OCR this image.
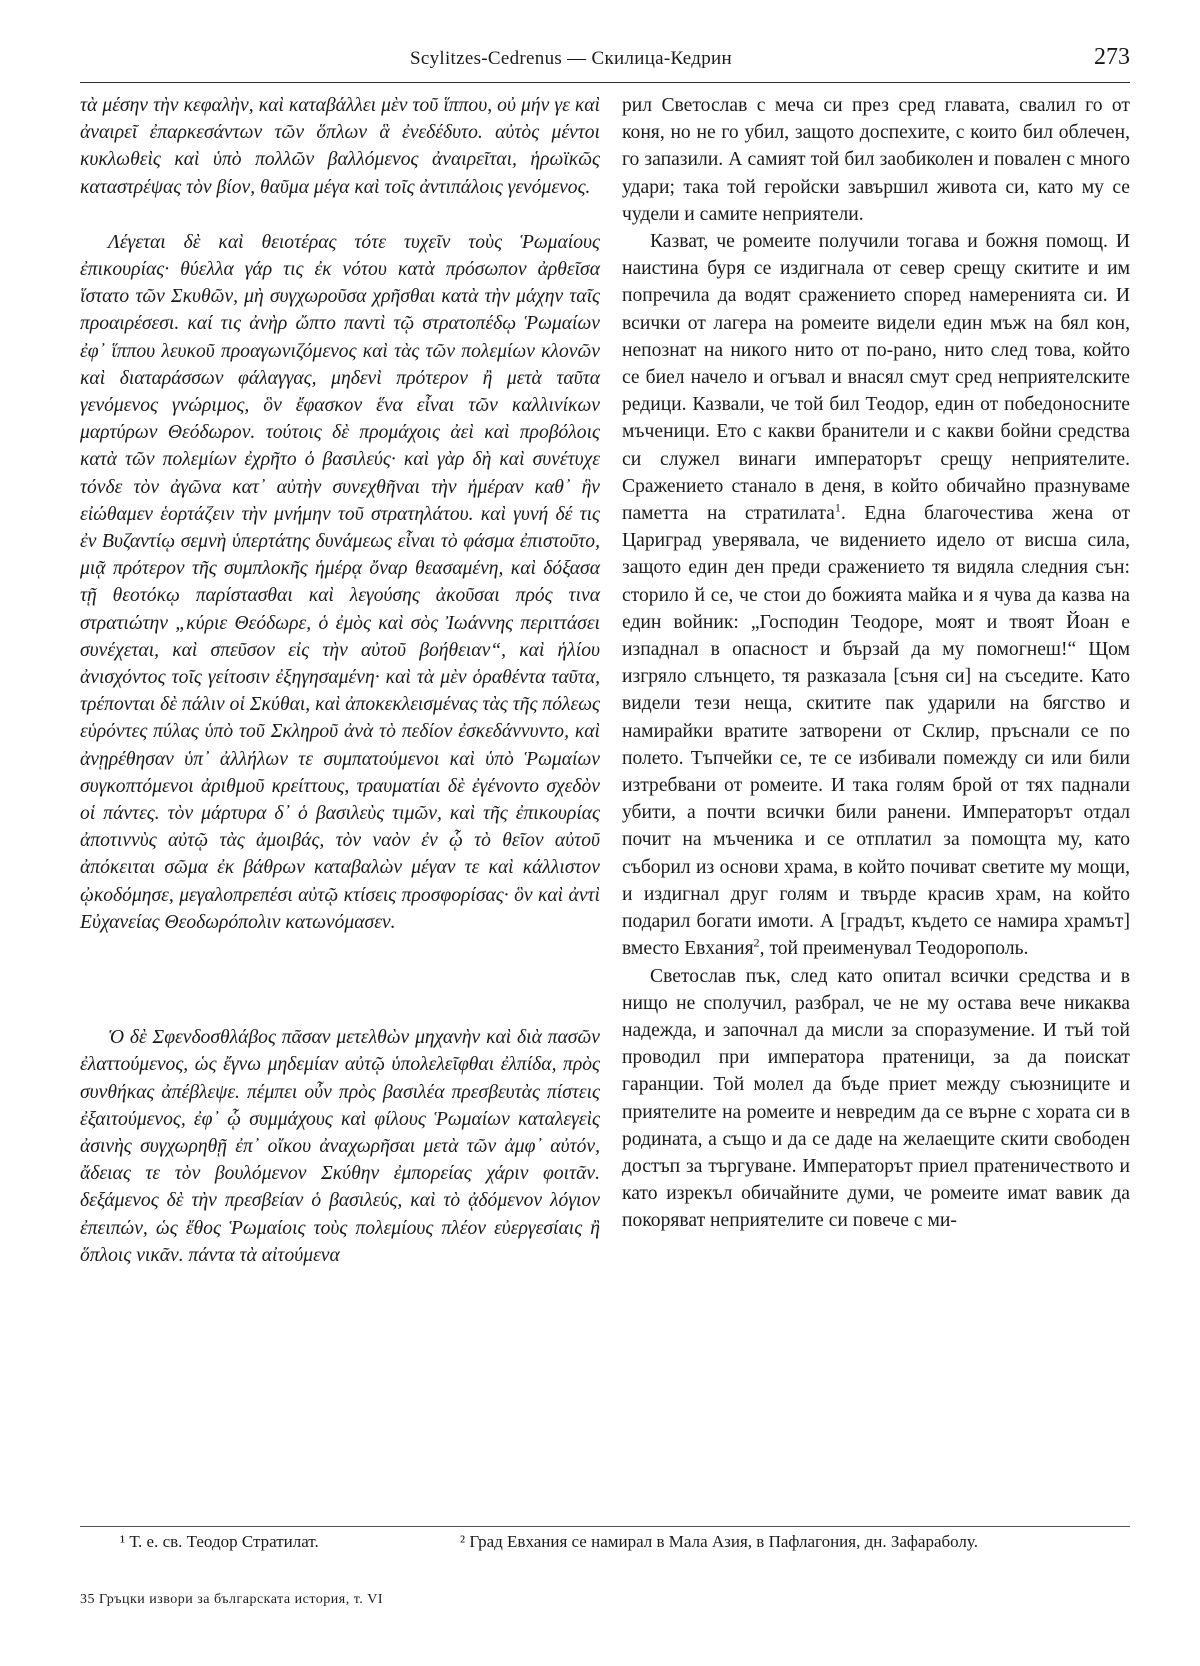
Scylitzes-Cedrenus — Скилица-Кедрин	273

τὰ μέσην τὴν κεφαλὴν, καὶ καταβάλλει μὲν τοῦ ἵππου, οὐ μήν γε καὶ ἀναιρεῖ ἐπαρκεσάντων τῶν ὅπλων ἃ ἐνεδέδυτο. αὐτὸς μέντοι κυκλωθεὶς καὶ ὑπὸ πολλῶν βαλλόμενος ἀναιρεῖται, ἡρωϊκῶς καταστρέψας τὸν βίον, θαῦμα μέγα καὶ τοῖς ἀντιπάλοις γενόμενος.

Λέγεται δὲ καὶ θειοτέρας τότε τυχεῖν τοὺς Ῥωμαίους ἐπικουρίας· θύελλα γάρ τις ἐκ νότου κατὰ πρόσωπον ἀρθεῖσα ἵστατο τῶν Σκυθῶν, μὴ συγχωροῦσα χρῆσθαι κατὰ τὴν μάχην ταῖς προαιρέσεσι. καί τις ἀνὴρ ὤπτο παντὶ τῷ στρατοπέδῳ Ῥωμαίων ἐφ᾽ ἵππου λευκοῦ προαγωνιζόμενος καὶ τὰς τῶν πολεμίων κλονῶν καὶ διαταράσσων φάλαγγας, μηδενὶ πρότερον ἢ μετὰ ταῦτα γενόμενος γνώριμος, ὃν ἔφασκον ἕνα εἶναι τῶν καλλινίκων μαρτύρων Θεόδωρον. τούτοις δὲ προμάχοις ἀεὶ καὶ προβόλοις κατὰ τῶν πολεμίων ἐχρῆτο ὁ βασιλεύς· καὶ γὰρ δὴ καὶ συνέτυχε τόνδε τὸν ἀγῶνα κατ᾽ αὐτὴν συνεχθῆναι τὴν ἡμέραν καθ᾽ ἣν εἰώθαμεν ἑορτάζειν τὴν μνήμην τοῦ στρατηλάτου. καὶ γυνή δέ τις ἐν Βυζαντίῳ σεμνὴ ὑπερτάτης δυνάμεως εἶναι τὸ φάσμα ἐπιστοῦτο, μιᾷ πρότερον τῆς συμπλοκῆς ἡμέρᾳ ὄναρ θεασαμένη, καὶ δόξασα τῇ θεοτόκῳ παρίστασθαι καὶ λεγούσης ἀκοῦσαι πρός τινα στρατιώτην „κύριε Θεόδωρε, ὁ ἐμὸς καὶ σὸς Ἰωάννης περιττάσει συνέχεται, καὶ σπεῦσον εἰς τὴν αὐτοῦ βοήθειαν“, καὶ ἡλίου ἀνισχόντος τοῖς γείτοσιν ἐξηγησαμένη· καὶ τὰ μὲν ὁραθέντα ταῦτα, τρέπονται δὲ πάλιν οἱ Σκύθαι, καὶ ἀποκεκλεισμένας τὰς τῆς πόλεως εὑρόντες πύλας ὑπὸ τοῦ Σκληροῦ ἀνὰ τὸ πεδίον ἐσκεδάννυντο, καὶ ἀνῃρέθησαν ὑπ᾽ ἀλλήλων τε συμπατούμενοι καὶ ὑπὸ Ῥωμαίων συγκοπτόμενοι ἀριθμοῦ κρείττους, τραυματίαι δὲ ἐγένοντο σχεδὸν οἱ πάντες. τὸν μάρτυρα δ᾽ ὁ βασιλεὺς τιμῶν, καὶ τῆς ἐπικουρίας ἀποτιννὺς αὐτῷ τὰς ἀμοιβάς, τὸν ναὸν ἐν ᾧ τὸ θεῖον αὐτοῦ ἀπόκειται σῶμα ἐκ βάθρων καταβαλὼν μέγαν τε καὶ κάλλιστον ᾠκοδόμησε, μεγαλοπρεπέσι αὐτῷ κτίσεις προσφορίσας· ὃν καὶ ἀντὶ Εὐχανείας Θεοδωρόπολιν κατωνόμασεν.

Ὁ δὲ Σφενδοσθλάβος πᾶσαν μετελθὼν μηχανὴν καὶ διὰ πασῶν ἐλαττούμενος, ὡς ἔγνω μηδεμίαν αὐτῷ ὑπολελεῖφθαι ἐλπίδα, πρὸς συνθήκας ἀπέβλεψε. πέμπει οὖν πρὸς βασιλέα πρεσβευτὰς πίστεις ἐξαιτούμενος, ἐφ᾽ ᾧ συμμάχους καὶ φίλους Ῥωμαίων καταλεγεὶς ἀσινὴς συγχωρηθῇ ἐπ᾽ οἴκου ἀναχωρῆσαι μετὰ τῶν ἀμφ᾽ αὐτόν, ἄδειας τε τὸν βουλόμενον Σκύθην ἐμπορείας χάριν φοιτᾶν. δεξάμενος δὲ τὴν πρεσβείαν ὁ βασιλεύς, καὶ τὸ ᾀδόμενον λόγιον ἐπειπών, ὡς ἔθος Ῥωμαίοις τοὺς πολεμίους πλέον εὐεργεσίαις ἢ ὅπλοις νικᾶν. πάντα τὰ αἰτούμενα

рил Светослав с меча си през сред главата, свалил го от коня, но не го убил, защото доспехите, с които бил облечен, го запазили. А самият той бил заобиколен и повален с много удари; така той геройски завършил живота си, като му се чудели и самите неприятели.

Казват, че ромеите получили тогава и божня помощ. И наистина буря се издигнала от север срещу скитите и им попречила да водят сражението според намеренията си. И всички от лагера на ромеите видели един мъж на бял кон, непознат на никого нито от по-рано, нито след това, който се биел начело и огъвал и внасял смут сред неприятелските редици. Казвали, че той бил Теодор, един от победоносните мъченици. Ето с какви бранители и с какви бойни средства си служел винаги императорът срещу неприятелите. Сражението станало в деня, в който обичайно празнуваме паметта на стратилата$^1$. Една благочестива жена от Цариград уверявала, че видението идело от висша сила, защото един ден преди сражението тя видяла следния сън: сторило й се, че стои до божията майка и я чува да казва на един войник: „Господин Теодоре, моят и твоят Йоан е изпаднал в опасност и бързай да му помогнеш!“ Щом изгряло слънцето, тя разказала [съня си] на съседите. Като видели тези неща, скитите пак ударили на бягство и намирайки вратите затворени от Склир, пръснали се по полето. Тъпчейки се, те се избивали помежду си или били изтребвани от ромеите. И така голям брой от тях паднали убити, а почти всички били ранени. Императорът отдал почит на мъченика и се отплатил за помощта му, като съборил из основи храма, в който почиват светите му мощи, и издигнал друг голям и твърде красив храм, на който подарил богати имоти. А [градът, където се намира храмът] вместо Евхания$^2$, той преименувал Теодорополь.

Светослав пък, след като опитал всички средства и в нищо не сполучил, разбрал, че не му остава вече никаква надежда, и започнал да мисли за споразумение. И тъй той проводил при императора пратеници, за да поискат гаранции. Той молел да бъде приет между съюзниците и приятелите на ромеите и невредим да се върне с хората си в родината, а също и да се даде на желаещите скити свободен достъп за търгуване. Императорът приел пратеничеството и като изрекъл обичайните думи, че ромеите имат вавик да покоряват неприятелите си повече с ми-

¹ Т. е. св. Теодор Стратилат.	² Град Евхания се намирал в Мала Азия, в Пафлагония, дн. Зафараболу.
35 Гръцки извори за българската история, т. VI
